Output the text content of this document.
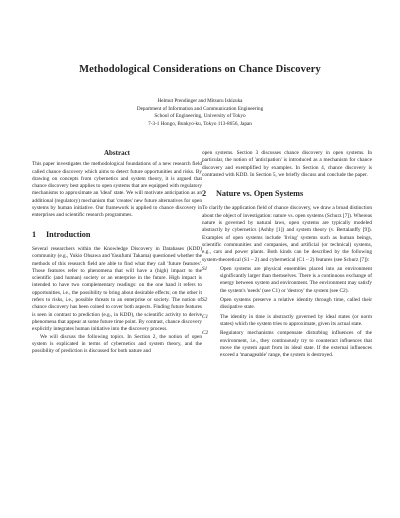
Methodological Considerations on Chance Discovery
Helmut Prendinger and Mitsuru Ishizuka
Department of Information and Communication Engineering
School of Engineering, University of Tokyo
7-3-1 Hongo, Bunkyo-ku, Tokyo 113-8656, Japan
Abstract

This paper investigates the methodological foundations of a new research field called chance discovery which aims to detect future opportunities and risks. By drawing on concepts from cybernetics and system theory, it is argued that chance discovery best applies to open systems that are equipped with regulatory mechanisms to approximate an 'ideal' state. We will motivate anticipation as an additional (regulatory) mechanism that 'creates' new future alternatives for open systems by human initiative. Our framework is applied to chance discovery in enterprises and scientific research programmes.

1 Introduction

Several researchers within the Knowledge Discovery in Databases (KDD) community (e.g., Yukio Ohsawa and Yasufumi Takama) questioned whether the methods of this research field are able to find what they call 'future features'. Those features refer to phenomena that will have a (high) impact to the scientific (and human) society or an enterprise in the future. High impact is intended to have two complementary readings: on the one hand it refers to opportunities, i.e., the possibility to bring about desirable effects; on the other it refers to risks, i.e., possible threats to an enterprise or society. The notion of chance discovery has been coined to cover both aspects. Finding future features is seen in contrast to prediction (e.g., in KDD), the scientific activity to derive phenomena that appear at some future time point. By contrast, chance discovery explicitly integrates human initiative into the discovery process.

We will discuss the following topics. In Section 2, the notion of open system is explicated in terms of cybernetics and system theory, and the possibility of prediction is discussed for both nature and

open systems. Section 3 discusses chance discovery in open systems. In particular, the notion of 'anticipation' is introduced as a mechanism for chance discovery and exemplified by examples. In Section 4, chance discovery is contrasted with KDD. In Section 5, we briefly discuss and conclude the paper.

2 Nature vs. Open Systems

To clarify the application field of chance discovery, we draw a broad distinction about the object of investigation: nature vs. open systems (Schurz [7]). Whereas nature is governed by natural laws, open systems are typically modeled abstractly by cybernetics (Ashby [1]) and system theory (v. Bertalanffy [9]). Examples of open systems include 'living' systems such as human beings, scientific communities and companies, and artificial (or technical) systems, e.g., cars and power plants. Both kinds can be described by the following system-theoretical (S1 – 2) and cybernetical (C1 – 2) features (see Schurz [7]):

S1	Open systems are physical ensembles placed into an environment significantly larger than themselves. There is a continuous exchange of energy between system and environment. The environment may satisfy the system's 'needs' (see C1) or 'destroy' the system (see C2).
S2	Open systems preserve a relative identity through time, called their dissipative state.
C1	The identity in time is abstractly governed by ideal states (or norm states) which the system tries to approximate, given its actual state.
C2	Regulatory mechanisms compensate disturbing influences of the environment, i.e., they continuously try to counteract influences that move the system apart from its ideal state. If the external influences exceed a 'manageable' range, the system is destroyed.
